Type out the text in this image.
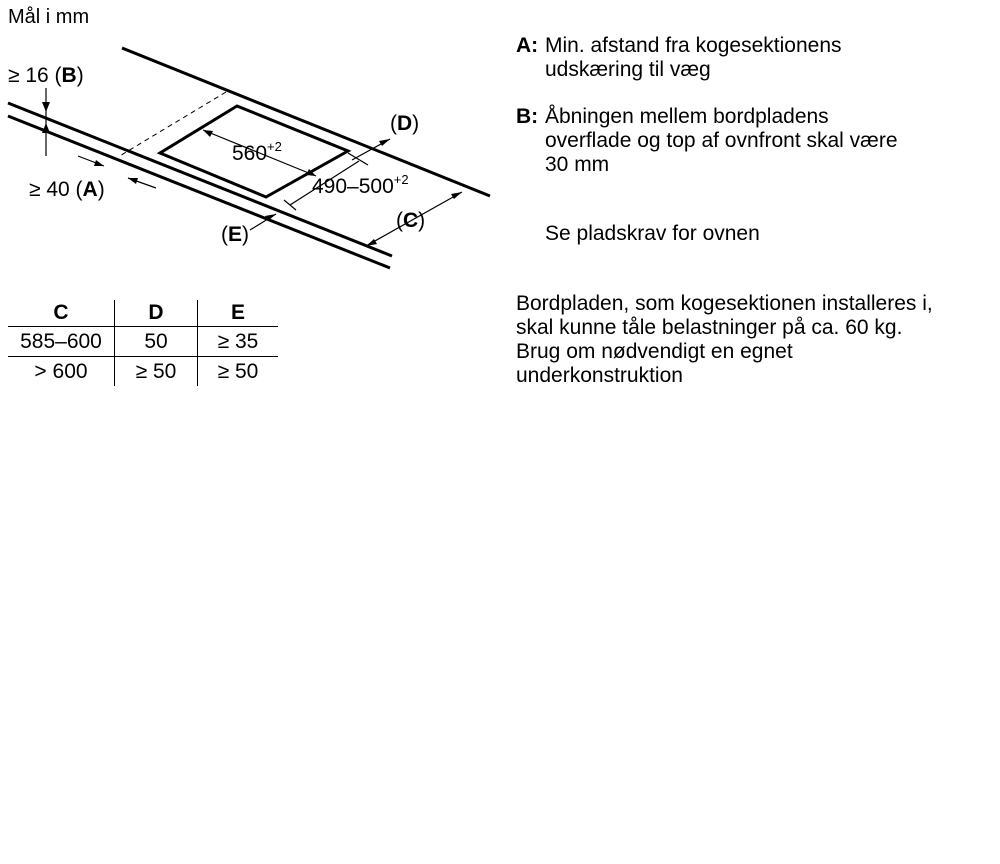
Mål i mm
≥ 16 (B)
≥ 40 (A)
(D)
(C)
(E)
$560^{+2}$
$490-500^{+2}$
C	D	E
585–600	50	≥ 35
> 600	≥ 50	≥ 50
A: Min. afstand fra kogesektionens
udskæring til væg
B: Åbningen mellem bordpladens
overflade og top af ovnfront skal være
30 mm
Se pladskrav for ovnen
Bordpladen, som kogesektionen installeres i,
skal kunne tåle belastninger på ca. 60 kg.
Brug om nødvendigt en egnet
underkonstruktion
